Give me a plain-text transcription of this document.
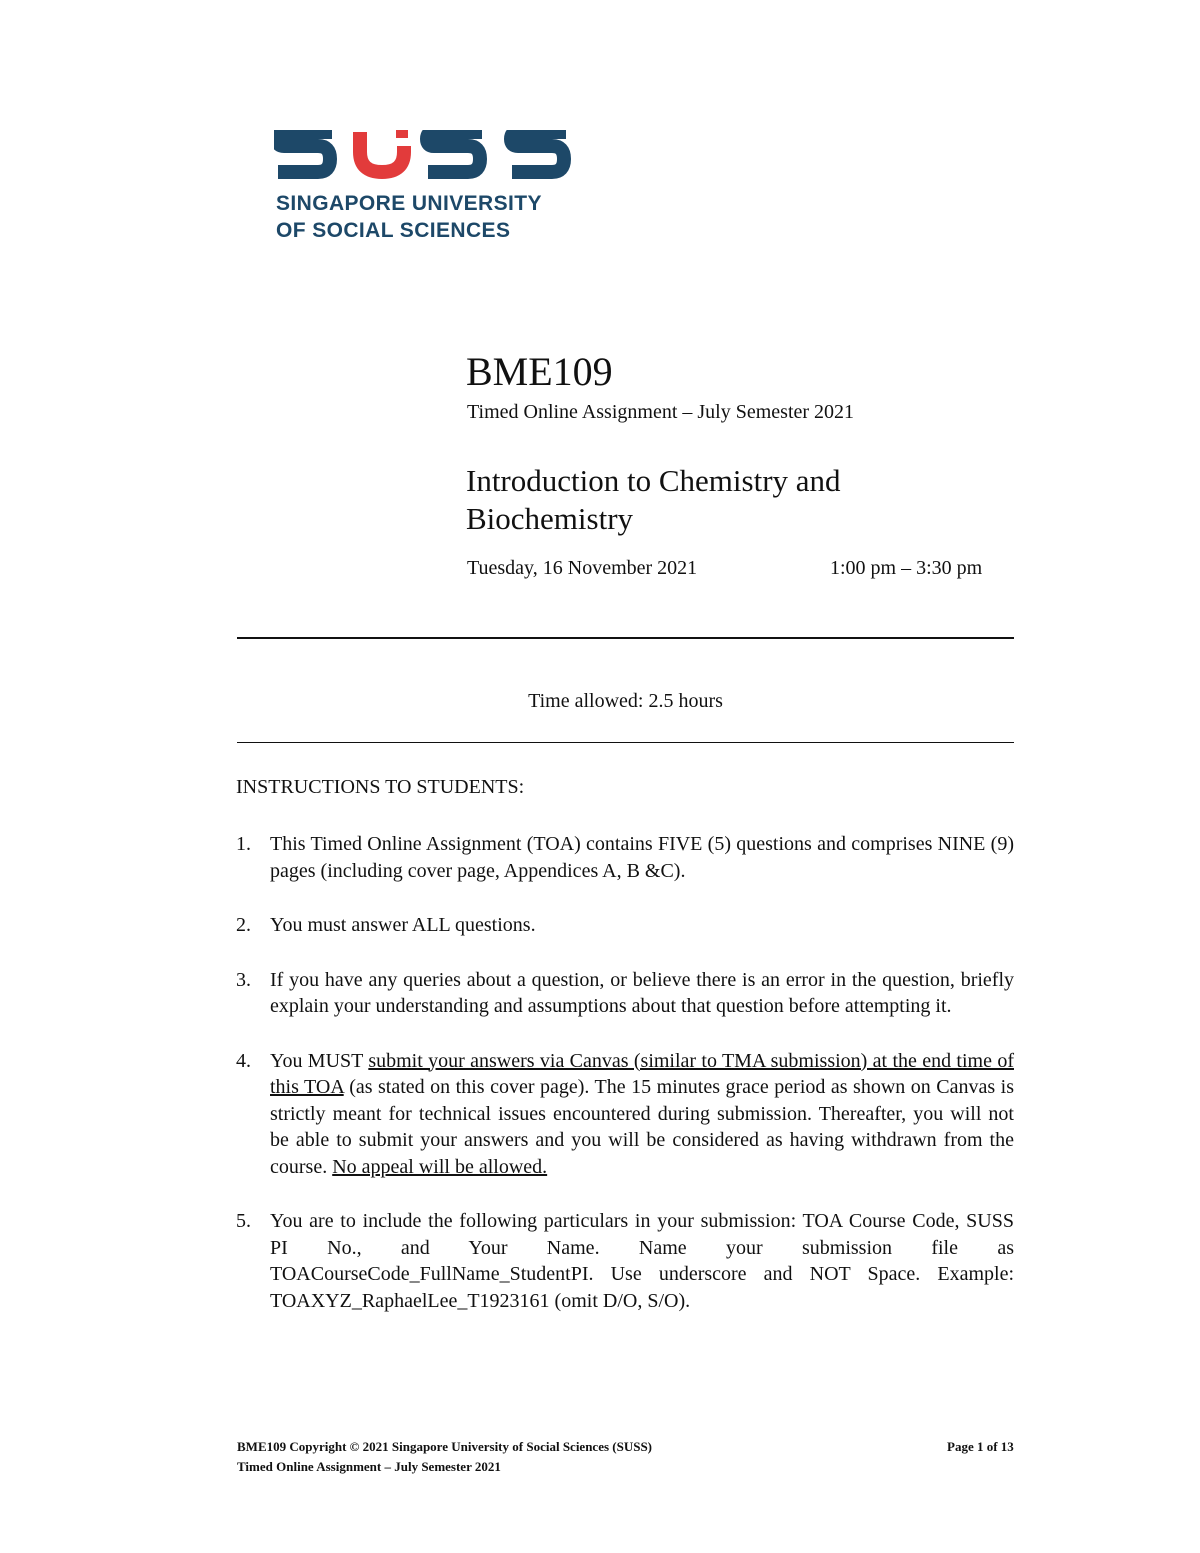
SINGAPORE UNIVERSITY
OF SOCIAL SCIENCES
BME109
Timed Online Assignment – July Semester 2021
Introduction to Chemistry and Biochemistry
Tuesday, 16 November 2021	1:00 pm – 3:30 pm
Time allowed: 2.5 hours
INSTRUCTIONS TO STUDENTS:
1. This Timed Online Assignment (TOA) contains FIVE (5) questions and comprises NINE (9) pages (including cover page, Appendices A, B &C).
2. You must answer ALL questions.
3. If you have any queries about a question, or believe there is an error in the question, briefly explain your understanding and assumptions about that question before attempting it.
4. You MUST submit your answers via Canvas (similar to TMA submission) at the end time of this TOA (as stated on this cover page). The 15 minutes grace period as shown on Canvas is strictly meant for technical issues encountered during submission. Thereafter, you will not be able to submit your answers and you will be considered as having withdrawn from the course. No appeal will be allowed.
5. You are to include the following particulars in your submission: TOA Course Code, SUSS PI No., and Your Name. Name your submission file as TOACourseCode_FullName_StudentPI. Use underscore and NOT Space. Example: TOAXYZ_RaphaelLee_T1923161 (omit D/O, S/O).
BME109 Copyright © 2021 Singapore University of Social Sciences (SUSS)
Timed Online Assignment – July Semester 2021
Page 1 of 13
